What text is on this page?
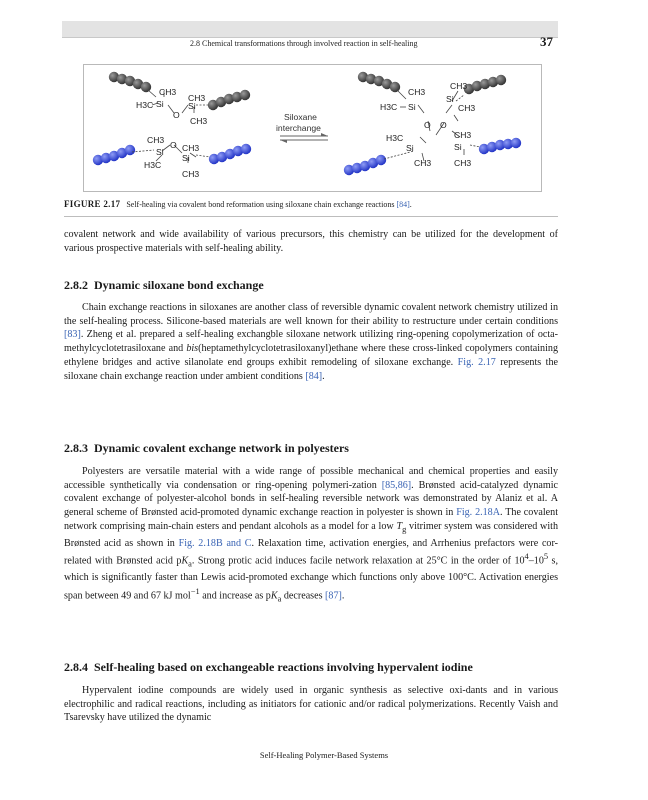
2.8 Chemical transformations through involved reaction in self-healing	37
CH3
Si
H3C
O
CH3
Si
CH3
CH3
Si
O CH3
Si
H3C
CH3
Siloxane
interchange
CH3
H3C Si
CH3
Si
CH3
O O
H3C
Si
CH3
CH3
Si
CH3
FIGURE 2.17 Self-healing via covalent bond reformation using siloxane chain exchange reactions [84].
covalent network and wide availability of various precursors, this chemistry can be utilized for the development of various prospective materials with self-healing ability.
2.8.2 Dynamic siloxane bond exchange
Chain exchange reactions in siloxanes are another class of reversible dynamic covalent network chemistry utilized in the self-healing process. Silicone-based materials are well known for their ability to restructure under certain conditions [83]. Zheng et al. prepared a self-healing exchangble siloxane network utilizing ring-opening copolymerization of octa-methylcyclotetrasiloxane and bis(heptamethylcyclotetrasiloxanyl)ethane where these cross-linked copolymers containing ethylene bridges and active silanolate end groups exhibit remodeling of siloxane exchange. Fig. 2.17 represents the siloxane chain exchange reaction under ambient conditions [84].
2.8.3 Dynamic covalent exchange network in polyesters
Polyesters are versatile material with a wide range of possible mechanical and chemical properties and easily accessible synthetically via condensation or ring-opening polymeri-zation [85,86]. Brønsted acid-catalyzed dynamic covalent exchange of polyester-alcohol bonds in self-healing reversible network was demonstrated by Alaniz et al. A general scheme of Brønsted acid-promoted dynamic exchange reaction in polyester is shown in Fig. 2.18A. The covalent network comprising main-chain esters and pendant alcohols as a model for a low $T_g$ vitrimer system was considered with Brønsted acid as shown in Fig. 2.18B and C. Relaxation time, activation energies, and Arrhenius prefactors were cor-related with Brønsted acid $pK_a$. Strong protic acid induces facile network relaxation at 25°C in the order of $10^4-10^5$ s, which is significantly faster than Lewis acid-promoted exchange which functions only above 100°C. Activation energies span between 49 and 67 kJ mol$^{-1}$ and increase as $pK_a$ decreases [87].
2.8.4 Self-healing based on exchangeable reactions involving hypervalent iodine
Hypervalent iodine compounds are widely used in organic synthesis as selective oxi-dants and in various electrophilic and radical reactions, including as initiators for cationic and/or radical polymerizations. Recently Vaish and Tsarevsky have utilized the dynamic
Self-Healing Polymer-Based Systems
